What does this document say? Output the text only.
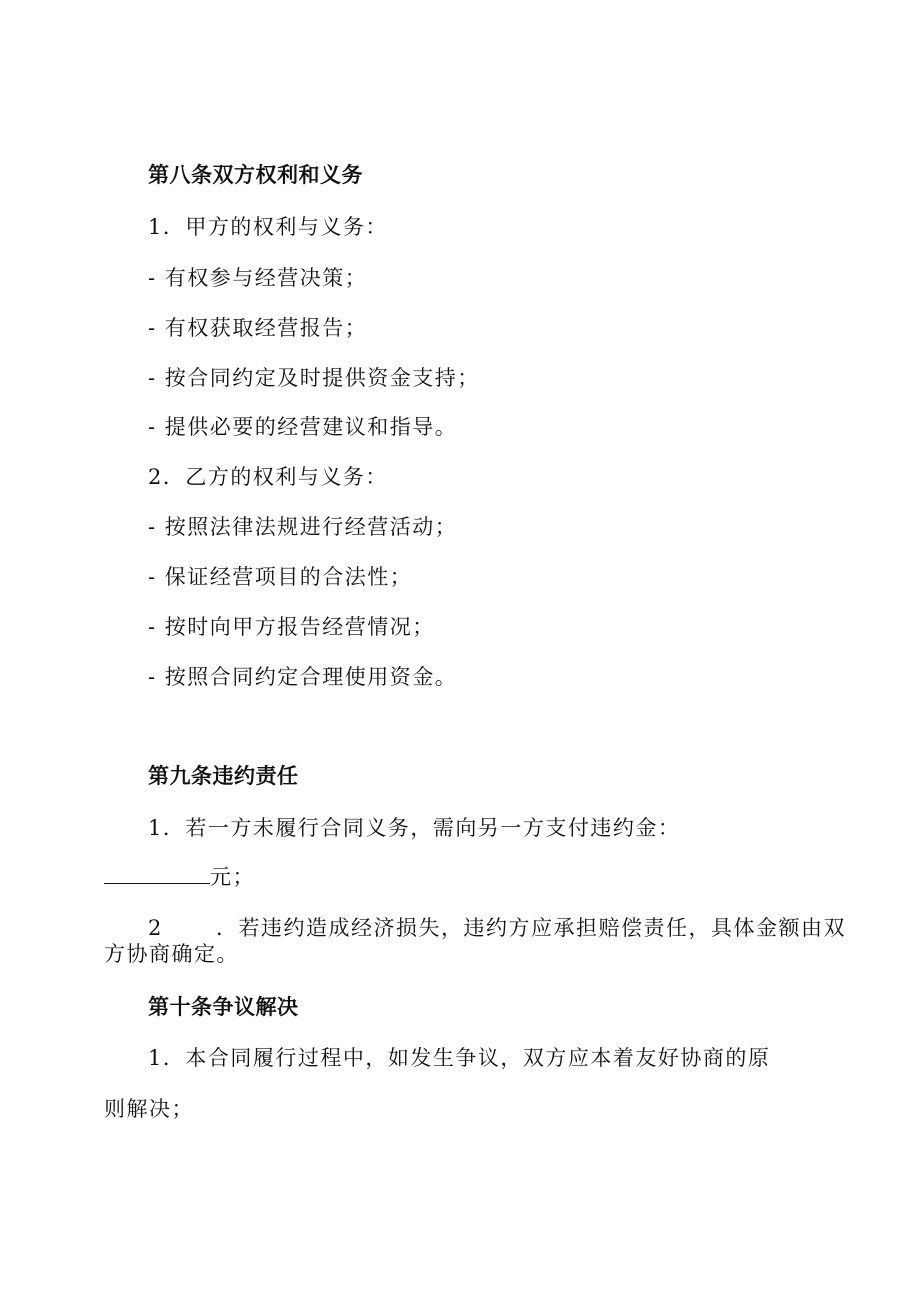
第八条双方权利和义务
1．甲方的权利与义务：
- 有权参与经营决策；
- 有权获取经营报告；
- 按合同约定及时提供资金支持；
- 提供必要的经营建议和指导。
2．乙方的权利与义务：
- 按照法律法规进行经营活动；
- 保证经营项目的合法性；
- 按时向甲方报告经营情况；
- 按照合同约定合理使用资金。
第九条违约责任
1．若一方未履行合同义务，需向另一方支付违约金：
元；
2	．若违约造成经济损失，违约方应承担赔偿责任，具体金额由双
方协商确定。
第十条争议解决
1．本合同履行过程中，如发生争议，双方应本着友好协商的原
则解决；
